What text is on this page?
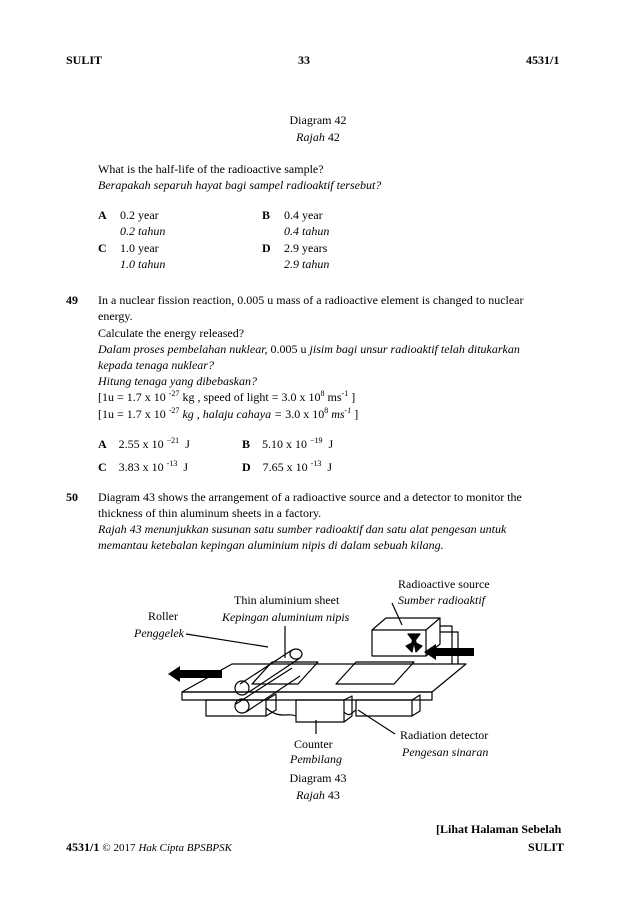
SULIT	33	4531/1
Diagram 42
Rajah 42
What is the half-life of the radioactive sample?
Berapakah separuh hayat bagi sampel radioaktif tersebut?
A 0.2 year
0.2 tahun
B 0.4 year
0.4 tahun
C 1.0 year
1.0 tahun
D 2.9 years
2.9 tahun
49 In a nuclear fission reaction, 0.005 u mass of a radioactive element is changed to nuclear
energy.
Calculate the energy released?
Dalam proses pembelahan nuklear, 0.005 u jisim bagi unsur radioaktif telah ditukarkan
kepada tenaga nuklear?
Hitung tenaga yang dibebaskan?
[1u = 1.7 x 10 $^{-27}$ kg , speed of light = 3.0 x $10^8$ $ms^{-1}$ ]
[1u = 1.7 x 10 $^{-27}$ kg , halaju cahaya = 3.0 x $10^8$ $ms^{-1}$ ]
A 2.55 x 10 $^{-21}$ J	B 5.10 x 10 $^{-19}$ J
C 3.83 x 10 $^{-13}$ J	D 7.65 x 10 $^{-13}$ J
50 Diagram 43 shows the arrangement of a radioactive source and a detector to monitor the
thickness of thin aluminum sheets in a factory.
Rajah 43 menunjukkan susunan satu sumber radioaktif dan satu alat pengesan untuk
memantau ketebalan kepingan aluminium nipis di dalam sebuah kilang.
Radioactive source
Sumber radioaktif
Thin aluminium sheet
Kepingan aluminium nipis
Roller
Penggelek
Radiation detector
Pengesan sinaran
Counter
Pembilang
Diagram 43
Rajah 43
[Lihat Halaman Sebelah
4531/1 © 2017 Hak Cipta BPSBPSK	SULIT
